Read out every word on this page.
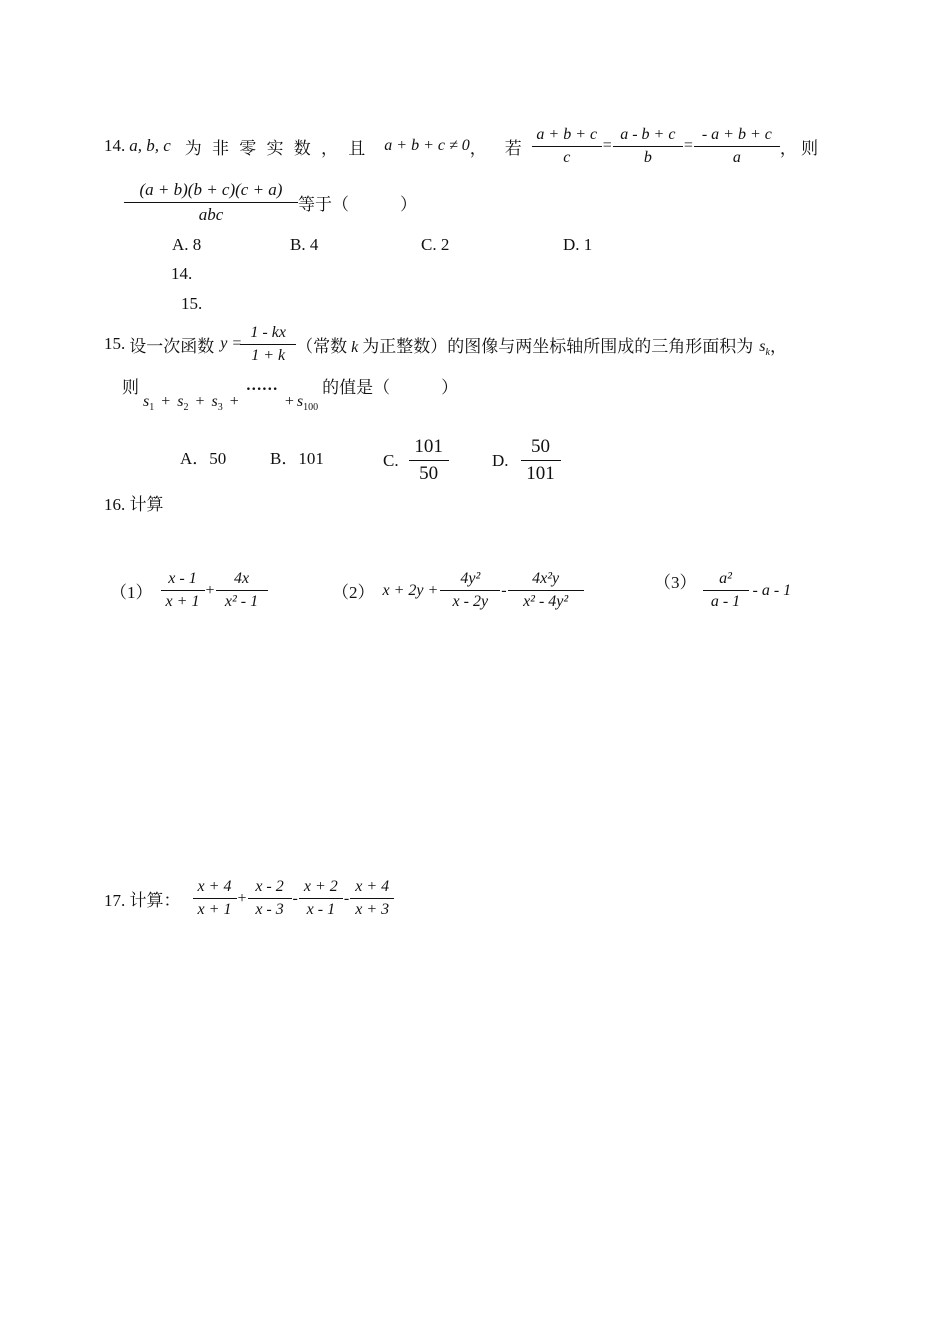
14. a, b, c 为 非 零 实 数 ， 且 a + b + c ≠ 0 ， 若 $\frac{a + b + c}{c} = \frac{a - b + c}{b} = \frac{- a + b + c}{a}$ ， 则
$\frac{(a + b)(b + c)(c + a)}{\text{abc}}$ 等于（　　　）
A. 8	B. 4	C. 2	D. 1
14.
15.
15. 设一次函数 $y = \frac{1 - kx}{1 + k}$ （常数 k 为正整数）的图像与两坐标轴所围成的三角形面积为 $s_k$ ，
则
$s_1 + s_2 + s_3$ + ······ + $s_{100}$
的值是（　　　）
A．50	B．101	C. $\frac{101}{50}$	D. $\frac{50}{101}$
16. 计算
$(1) \frac{x - 1}{x + 1} + \frac{4x}{\text{x² - 1}}$	（2） $x + 2y + \frac{\text{4y²}}{x - 2y} - \frac{\text{4x²y}}{\text{x² - 4y²}}$	$(3) \frac{\text{a²}}{a - 1}$ - a - 1
17. 计算： $\frac{x + 4}{x + 1} + \frac{x - 2}{x - 3} - \frac{x + 2}{x - 1} - \frac{x + 4}{x + 3}$
